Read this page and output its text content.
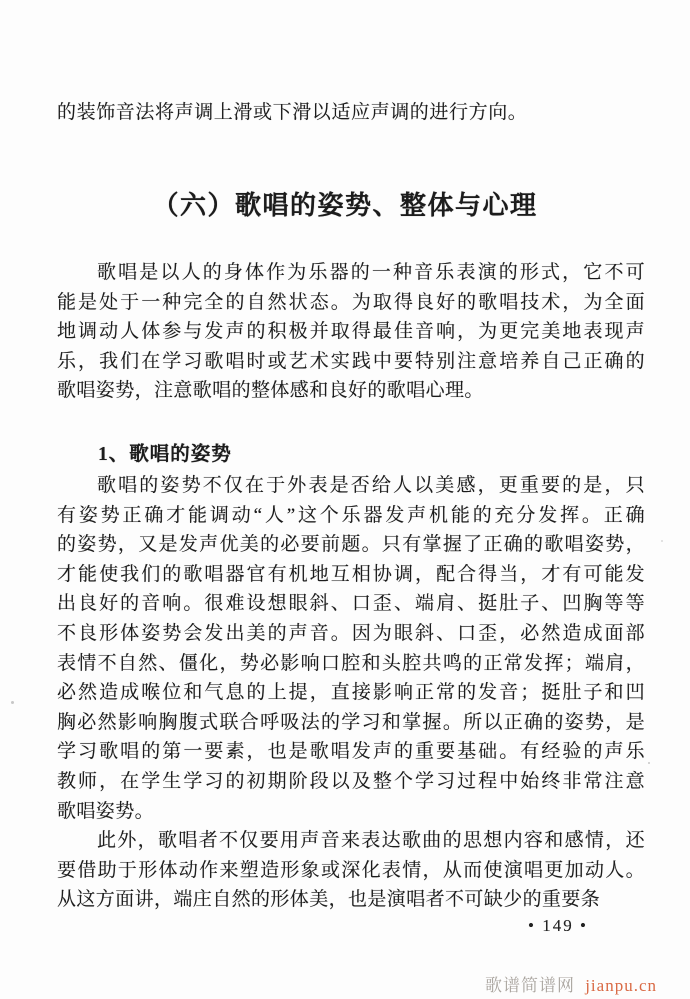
的装饰音法将声调上滑或下滑以适应声调的进行方向。
（六）歌唱的姿势、整体与心理
歌唱是以人的身体作为乐器的一种音乐表演的形式，它不可
能是处于一种完全的自然状态。为取得良好的歌唱技术，为全面
地调动人体参与发声的积极并取得最佳音响，为更完美地表现声
乐，我们在学习歌唱时或艺术实践中要特别注意培养自己正确的
歌唱姿势，注意歌唱的整体感和良好的歌唱心理。
1、歌唱的姿势
歌唱的姿势不仅在于外表是否给人以美感，更重要的是，只
有姿势正确才能调动“人”这个乐器发声机能的充分发挥。正确
的姿势，又是发声优美的必要前题。只有掌握了正确的歌唱姿势，
才能使我们的歌唱器官有机地互相协调，配合得当，才有可能发
出良好的音响。很难设想眼斜、口歪、端肩、挺肚子、凹胸等等
不良形体姿势会发出美的声音。因为眼斜、口歪，必然造成面部
表情不自然、僵化，势必影响口腔和头腔共鸣的正常发挥；端肩，
必然造成喉位和气息的上提，直接影响正常的发音；挺肚子和凹
胸必然影响胸腹式联合呼吸法的学习和掌握。所以正确的姿势，是
学习歌唱的第一要素，也是歌唱发声的重要基础。有经验的声乐
教师，在学生学习的初期阶段以及整个学习过程中始终非常注意
歌唱姿势。
此外，歌唱者不仅要用声音来表达歌曲的思想内容和感情，还
要借助于形体动作来塑造形象或深化表情，从而使演唱更加动人。
从这方面讲，端庄自然的形体美，也是演唱者不可缺少的重要条
• 149 •
歌谱简谱网 jianpu.cn
